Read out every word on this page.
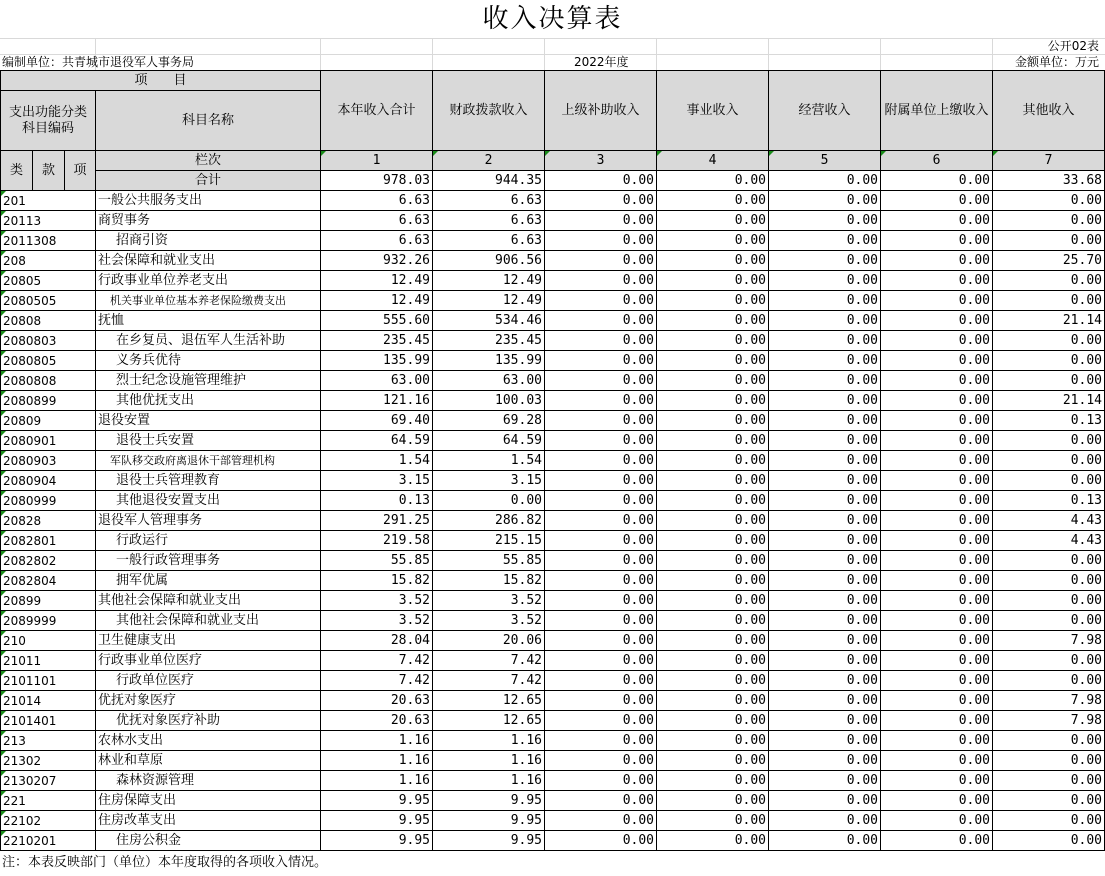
收入决算表
公开02表
编制单位：共青城市退役军人事务局	2022年度	金额单位：万元
项　　目				本年收入合计	财政拨款收入	上级补助收入	事业收入	经营收入	附属单位上缴收入	其他收入
支出功能分类科目编码			科目名称							

类	款	项	栏次	1	2	3	4	5	6	7
			合计	978.03	944.35	0.00	0.00	0.00	0.00	33.68
201			一般公共服务支出	6.63	6.63	0.00	0.00	0.00	0.00	0.00
20113			商贸事务	6.63	6.63	0.00	0.00	0.00	0.00	0.00
2011308			招商引资	6.63	6.63	0.00	0.00	0.00	0.00	0.00
208			社会保障和就业支出	932.26	906.56	0.00	0.00	0.00	0.00	25.70
20805			行政事业单位养老支出	12.49	12.49	0.00	0.00	0.00	0.00	0.00
2080505			机关事业单位基本养老保险缴费支出	12.49	12.49	0.00	0.00	0.00	0.00	0.00
20808			抚恤	555.60	534.46	0.00	0.00	0.00	0.00	21.14
2080803			在乡复员、退伍军人生活补助	235.45	235.45	0.00	0.00	0.00	0.00	0.00
2080805			义务兵优待	135.99	135.99	0.00	0.00	0.00	0.00	0.00
2080808			烈士纪念设施管理维护	63.00	63.00	0.00	0.00	0.00	0.00	0.00
2080899			其他优抚支出	121.16	100.03	0.00	0.00	0.00	0.00	21.14
20809			退役安置	69.40	69.28	0.00	0.00	0.00	0.00	0.13
2080901			退役士兵安置	64.59	64.59	0.00	0.00	0.00	0.00	0.00
2080903			军队移交政府离退休干部管理机构	1.54	1.54	0.00	0.00	0.00	0.00	0.00
2080904			退役士兵管理教育	3.15	3.15	0.00	0.00	0.00	0.00	0.00
2080999			其他退役安置支出	0.13	0.00	0.00	0.00	0.00	0.00	0.13
20828			退役军人管理事务	291.25	286.82	0.00	0.00	0.00	0.00	4.43
2082801			行政运行	219.58	215.15	0.00	0.00	0.00	0.00	4.43
2082802			一般行政管理事务	55.85	55.85	0.00	0.00	0.00	0.00	0.00
2082804			拥军优属	15.82	15.82	0.00	0.00	0.00	0.00	0.00
20899			其他社会保障和就业支出	3.52	3.52	0.00	0.00	0.00	0.00	0.00
2089999			其他社会保障和就业支出	3.52	3.52	0.00	0.00	0.00	0.00	0.00
210			卫生健康支出	28.04	20.06	0.00	0.00	0.00	0.00	7.98
21011			行政事业单位医疗	7.42	7.42	0.00	0.00	0.00	0.00	0.00
2101101			行政单位医疗	7.42	7.42	0.00	0.00	0.00	0.00	0.00
21014			优抚对象医疗	20.63	12.65	0.00	0.00	0.00	0.00	7.98
2101401			优抚对象医疗补助	20.63	12.65	0.00	0.00	0.00	0.00	7.98
213			农林水支出	1.16	1.16	0.00	0.00	0.00	0.00	0.00
21302			林业和草原	1.16	1.16	0.00	0.00	0.00	0.00	0.00
2130207			森林资源管理	1.16	1.16	0.00	0.00	0.00	0.00	0.00
221			住房保障支出	9.95	9.95	0.00	0.00	0.00	0.00	0.00
22102			住房改革支出	9.95	9.95	0.00	0.00	0.00	0.00	0.00
2210201			住房公积金	9.95	9.95	0.00	0.00	0.00	0.00	0.00
注：本表反映部门（单位）本年度取得的各项收入情况。
